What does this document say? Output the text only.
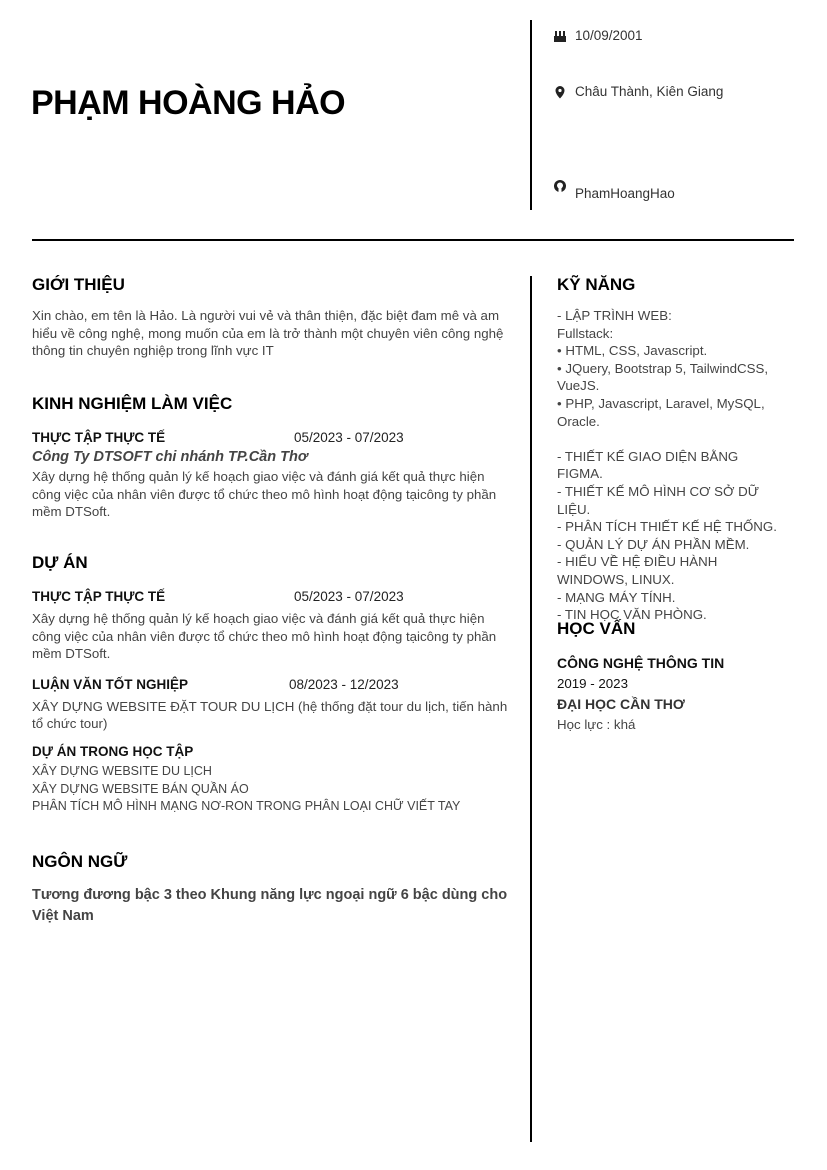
PHẠM HOÀNG HẢO
10/09/2001
Châu Thành, Kiên Giang
PhamHoangHao
GIỚI THIỆU

Xin chào, em tên là Hảo. Là người vui vẻ và thân thiện, đặc biệt đam mê và am hiểu về công nghệ, mong muốn của em là trở thành một chuyên viên công nghệ thông tin chuyên nghiệp trong lĩnh vực IT

KINH NGHIỆM LÀM VIỆC
THỰC TẬP THỰC TẾ	05/2023 - 07/2023
Công Ty DTSOFT chi nhánh TP.Cần Thơ

Xây dựng hệ thống quản lý kế hoạch giao việc và đánh giá kết quả thực hiện công việc của nhân viên được tổ chức theo mô hình hoạt động tạicông ty phần mềm DTSoft.

DỰ ÁN
THỰC TẬP THỰC TẾ	05/2023 - 07/2023

Xây dựng hệ thống quản lý kế hoạch giao việc và đánh giá kết quả thực hiện công việc của nhân viên được tổ chức theo mô hình hoạt động tạicông ty phần mềm DTSoft.

LUẬN VĂN TỐT NGHIỆP	08/2023 - 12/2023

XÂY DỰNG WEBSITE ĐẶT TOUR DU LỊCH (hệ thống đặt tour du lịch, tiến hành tổ chức tour)

DỰ ÁN TRONG HỌC TẬP
XÂY DỰNG WEBSITE DU LỊCH
XÂY DỰNG WEBSITE BÁN QUẦN ÁO
PHÂN TÍCH MÔ HÌNH MẠNG NƠ-RON TRONG PHÂN LOẠI CHỮ VIẾT TAY
NGÔN NGỮ

Tương đương bậc 3 theo Khung năng lực ngoại ngữ 6 bậc dùng cho Việt Nam

KỸ NĂNG
- LẬP TRÌNH WEB:
Fullstack:
• HTML, CSS, Javascript.
• JQuery, Bootstrap 5, TailwindCSS, VueJS.
• PHP, Javascript, Laravel, MySQL, Oracle.
- THIẾT KẾ GIAO DIỆN BẰNG FIGMA.
- THIẾT KẾ MÔ HÌNH CƠ SỞ DỮ LIỆU.
- PHÂN TÍCH THIẾT KẾ HỆ THỐNG.
- QUẢN LÝ DỰ ÁN PHẦN MỀM.
- HIỂU VỀ HỆ ĐIỀU HÀNH WINDOWS, LINUX.
- MẠNG MÁY TÍNH.
- TIN HỌC VĂN PHÒNG.
HỌC VẤN
CÔNG NGHỆ THÔNG TIN
2019 - 2023
ĐẠI HỌC CẦN THƠ
Học lực : khá
